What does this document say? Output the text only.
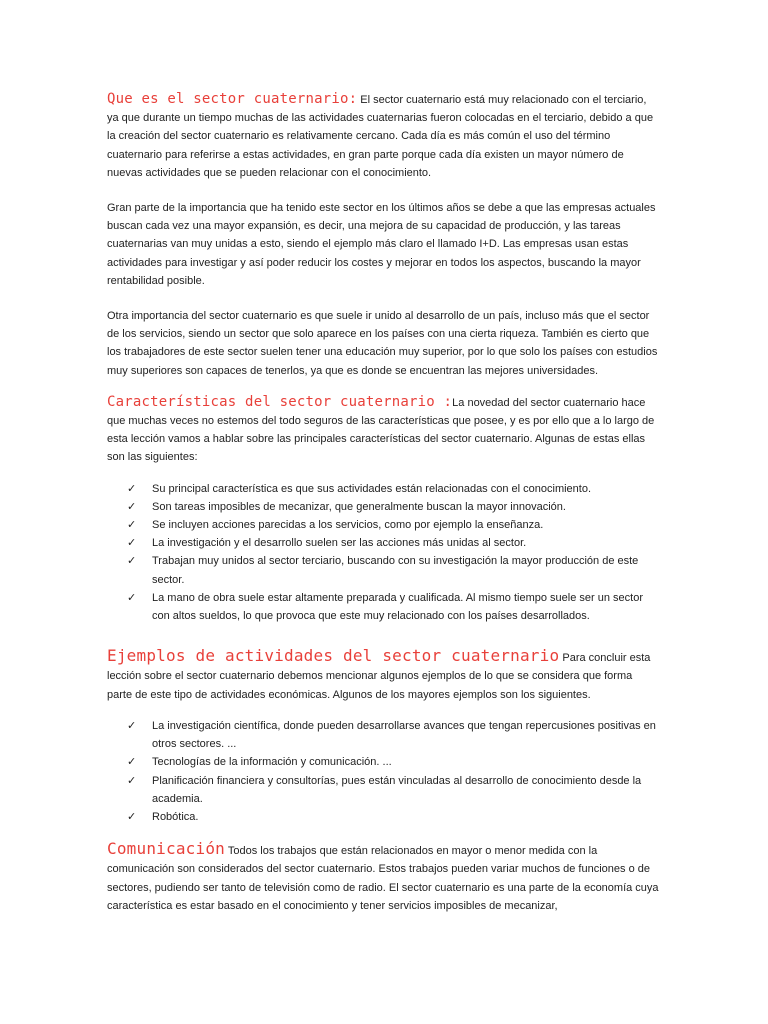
Que es el sector cuaternario: El sector cuaternario está muy relacionado con el terciario, ya que durante un tiempo muchas de las actividades cuaternarias fueron colocadas en el terciario, debido a que la creación del sector cuaternario es relativamente cercano. Cada día es más común el uso del término cuaternario para referirse a estas actividades, en gran parte porque cada día existen un mayor número de nuevas actividades que se pueden relacionar con el conocimiento.

Gran parte de la importancia que ha tenido este sector en los últimos años se debe a que las empresas actuales buscan cada vez una mayor expansión, es decir, una mejora de su capacidad de producción, y las tareas cuaternarias van muy unidas a esto, siendo el ejemplo más claro el llamado I+D. Las empresas usan estas actividades para investigar y así poder reducir los costes y mejorar en todos los aspectos, buscando la mayor rentabilidad posible.

Otra importancia del sector cuaternario es que suele ir unido al desarrollo de un país, incluso más que el sector de los servicios, siendo un sector que solo aparece en los países con una cierta riqueza. También es cierto que los trabajadores de este sector suelen tener una educación muy superior, por lo que solo los países con estudios muy superiores son capaces de tenerlos, ya que es donde se encuentran las mejores universidades.

Características del sector cuaternario :La novedad del sector cuaternario hace que muchas veces no estemos del todo seguros de las características que posee, y es por ello que a lo largo de esta lección vamos a hablar sobre las principales características del sector cuaternario. Algunas de estas ellas son las siguientes:

✓ Su principal característica es que sus actividades están relacionadas con el conocimiento.
✓ Son tareas imposibles de mecanizar, que generalmente buscan la mayor innovación.
✓ Se incluyen acciones parecidas a los servicios, como por ejemplo la enseñanza.
✓ La investigación y el desarrollo suelen ser las acciones más unidas al sector.
✓ Trabajan muy unidos al sector terciario, buscando con su investigación la mayor producción de este sector.
✓ La mano de obra suele estar altamente preparada y cualificada. Al mismo tiempo suele ser un sector con altos sueldos, lo que provoca que este muy relacionado con los países desarrollados.

Ejemplos de actividades del sector cuaternario Para concluir esta lección sobre el sector cuaternario debemos mencionar algunos ejemplos de lo que se considera que forma parte de este tipo de actividades económicas. Algunos de los mayores ejemplos son los siguientes.

✓ La investigación científica, donde pueden desarrollarse avances que tengan repercusiones positivas en otros sectores. ...
✓ Tecnologías de la información y comunicación. ...
✓ Planificación financiera y consultorías, pues están vinculadas al desarrollo de conocimiento desde la academia.
✓ Robótica.

Comunicación Todos los trabajos que están relacionados en mayor o menor medida con la comunicación son considerados del sector cuaternario. Estos trabajos pueden variar muchos de funciones o de sectores, pudiendo ser tanto de televisión como de radio. El sector cuaternario es una parte de la economía cuya característica es estar basado en el conocimiento y tener servicios imposibles de mecanizar,
